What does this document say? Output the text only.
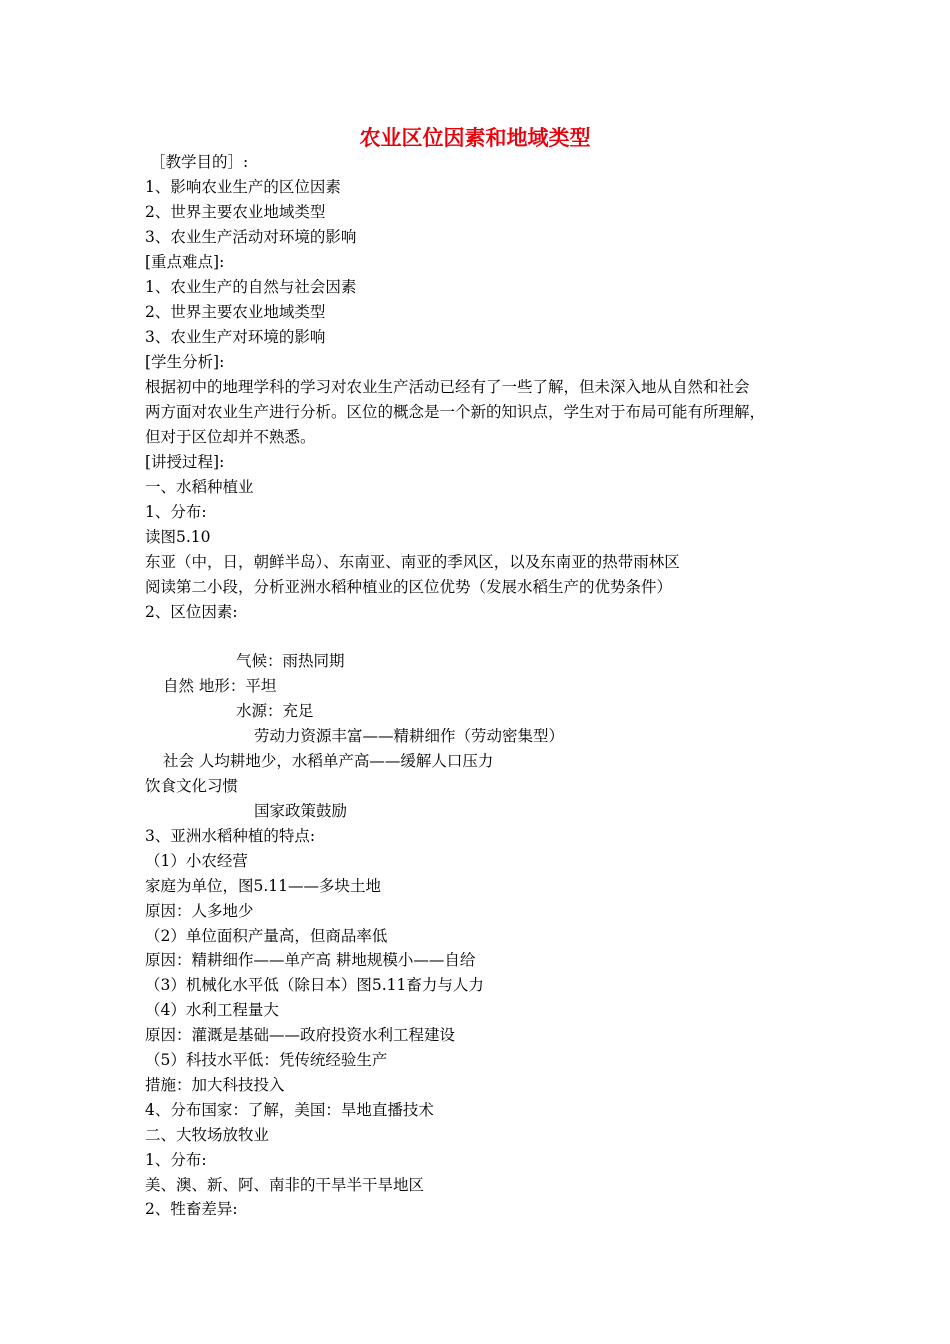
农业区位因素和地域类型
［教学目的］:
1、影响农业生产的区位因素
2、世界主要农业地域类型
3、农业生产活动对环境的影响
[重点难点]:
1、农业生产的自然与社会因素
2、世界主要农业地域类型
3、农业生产对环境的影响
[学生分析]:
根据初中的地理学科的学习对农业生产活动已经有了一些了解，但未深入地从自然和社会
两方面对农业生产进行分析。区位的概念是一个新的知识点，学生对于布局可能有所理解，
但对于区位却并不熟悉。
[讲授过程]:
一、水稻种植业
1、分布:
读图5.10
东亚（中，日，朝鲜半岛）、东南亚、南亚的季风区，以及东南亚的热带雨林区
阅读第二小段，分析亚洲水稻种植业的区位优势（发展水稻生产的优势条件）
2、区位因素:
气候：雨热同期
自然 地形：平坦
水源：充足
劳动力资源丰富——精耕细作（劳动密集型）
社会 人均耕地少，水稻单产高——缓解人口压力
饮食文化习惯
国家政策鼓励
3、亚洲水稻种植的特点:
（1）小农经营
家庭为单位，图5.11——多块土地
原因：人多地少
（2）单位面积产量高，但商品率低
原因：精耕细作——单产高 耕地规模小——自给
（3）机械化水平低（除日本）图5.11畜力与人力
（4）水利工程量大
原因：灌溉是基础——政府投资水利工程建设
（5）科技水平低：凭传统经验生产
措施：加大科技投入
4、分布国家：了解，美国：旱地直播技术
二、大牧场放牧业
1、分布:
美、澳、新、阿、南非的干旱半干旱地区
2、牲畜差异:
